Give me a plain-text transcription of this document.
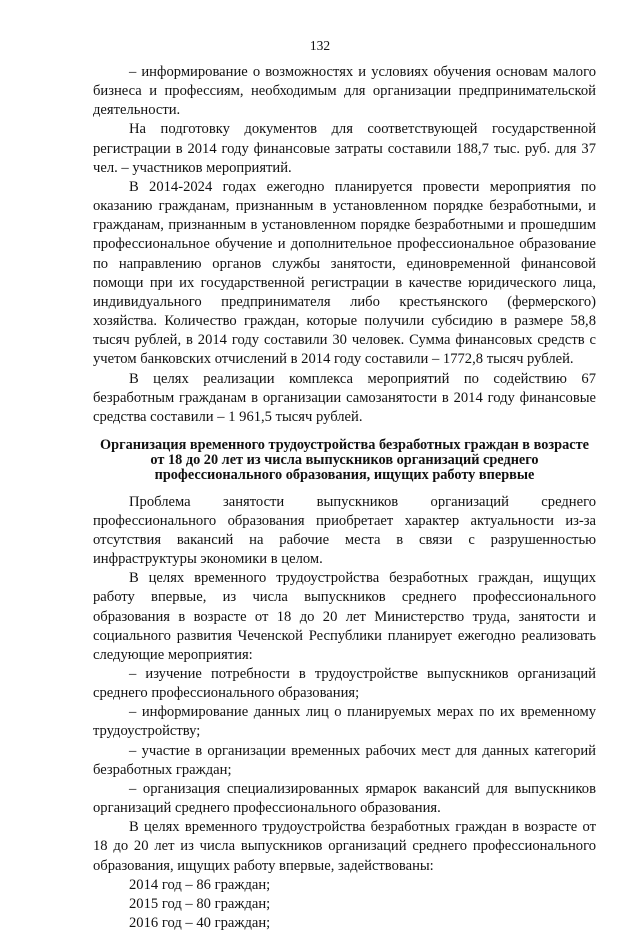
132

– информирование о возможностях и условиях обучения основам малого бизнеса и профессиям, необходимым для организации предпринимательской деятельности.

На подготовку документов для соответствующей государственной регистрации в 2014 году финансовые затраты составили 188,7 тыс. руб. для 37 чел. – участников мероприятий.

В 2014-2024 годах ежегодно планируется провести мероприятия по оказанию гражданам, признанным в установленном порядке безработными, и гражданам, признанным в установленном порядке безработными и прошедшим профессиональное обучение и дополнительное профессиональное образование по направлению органов службы занятости, единовременной финансовой помощи при их государственной регистрации в качестве юридического лица, индивидуального предпринимателя либо крестьянского (фермерского) хозяйства. Количество граждан, которые получили субсидию в размере 58,8 тысяч рублей, в 2014 году составили 30 человек. Сумма финансовых средств с учетом банковских отчислений в 2014 году составили – 1772,8 тысяч рублей.

В целях реализации комплекса мероприятий по содействию 67 безработным гражданам в организации самозанятости в 2014 году финансовые средства составили – 1 961,5 тысяч рублей.

Организация временного трудоустройства безработных граждан в возрасте от 18 до 20 лет из числа выпускников организаций среднего профессионального образования, ищущих работу впервые

Проблема занятости выпускников организаций среднего профессионального образования приобретает характер актуальности из-за отсутствия вакансий на рабочие места в связи с разрушенностью инфраструктуры экономики в целом.

В целях временного трудоустройства безработных граждан, ищущих работу впервые, из числа выпускников среднего профессионального образования в возрасте от 18 до 20 лет Министерство труда, занятости и социального развития Чеченской Республики планирует ежегодно реализовать следующие мероприятия:

– изучение потребности в трудоустройстве выпускников организаций среднего профессионального образования;

– информирование данных лиц о планируемых мерах по их временному трудоустройству;

– участие в организации временных рабочих мест для данных категорий безработных граждан;

– организация специализированных ярмарок вакансий для выпускников организаций среднего профессионального образования.

В целях временного трудоустройства безработных граждан в возрасте от 18 до 20 лет из числа выпускников организаций среднего профессионального образования, ищущих работу впервые, задействованы:

2014 год – 86 граждан;
2015 год – 80 граждан;
2016 год – 40 граждан;
